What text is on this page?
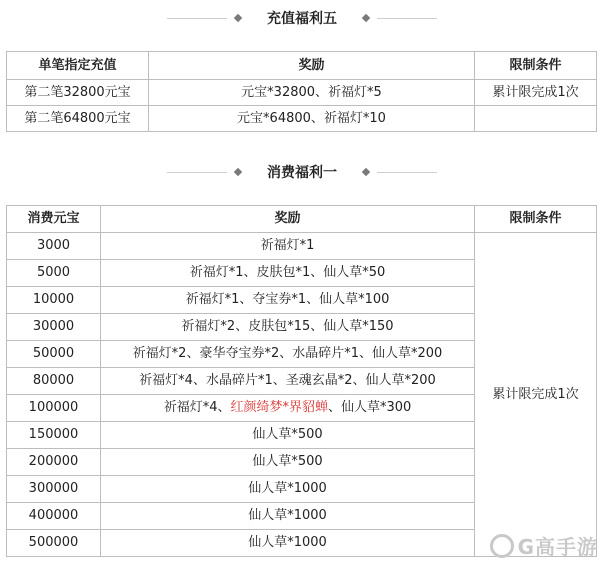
充值福利五
单笔指定充值	奖励	限制条件
第二笔32800元宝	元宝*32800、祈福灯*5	累计限完成1次
第二笔64800元宝	元宝*64800、祈福灯*10	
消费福利一
消费元宝	奖励	限制条件
3000	祈福灯*1	累计限完成1次
5000	祈福灯*1、皮肤包*1、仙人草*50	
10000	祈福灯*1、夺宝券*1、仙人草*100	
30000	祈福灯*2、皮肤包*15、仙人草*150	
50000	祈福灯*2、豪华夺宝券*2、水晶碎片*1、仙人草*200	
80000	祈福灯*4、水晶碎片*1、圣魂玄晶*2、仙人草*200	
100000	祈福灯*4、红颜绮梦*界貂蝉、仙人草*300	
150000	仙人草*500	
200000	仙人草*500	
300000	仙人草*1000	
400000	仙人草*1000	
500000	仙人草*1000		G高手游
